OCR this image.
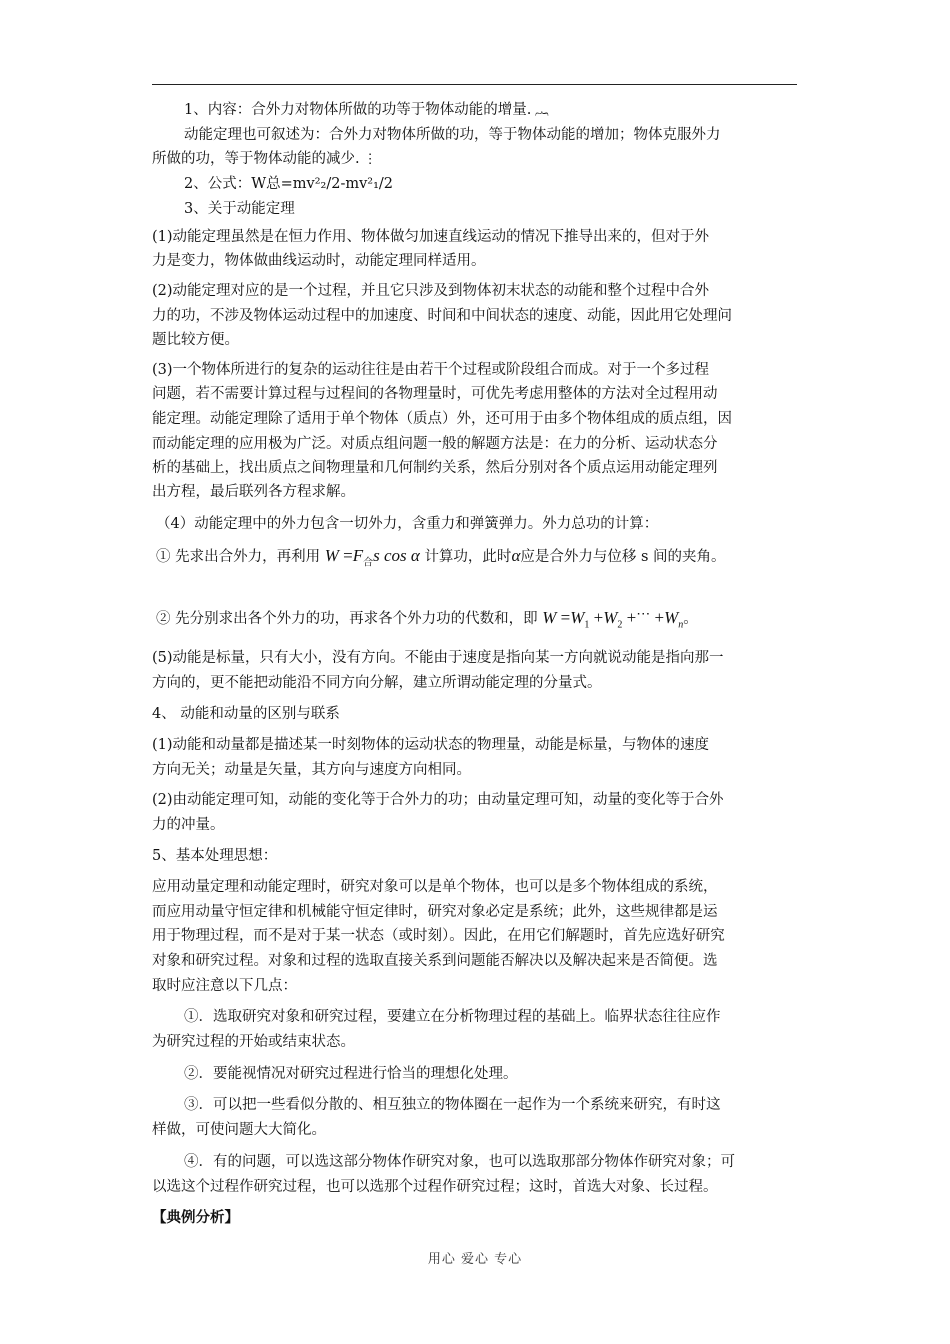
1、内容：合外力对物体所做的功等于物体动能的增量. ︷
动能定理也可叙述为：合外力对物体所做的功，等于物体动能的增加；物体克服外力
所做的功，等于物体动能的减少. ⋮
2、公式：W总=mv²₂/2-mv²₁/2
3、关于动能定理
(1)动能定理虽然是在恒力作用、物体做匀加速直线运动的情况下推导出来的，但对于外
力是变力，物体做曲线运动时，动能定理同样适用。
(2)动能定理对应的是一个过程，并且它只涉及到物体初末状态的动能和整个过程中合外
力的功，不涉及物体运动过程中的加速度、时间和中间状态的速度、动能，因此用它处理问
题比较方便。
(3)一个物体所进行的复杂的运动往往是由若干个过程或阶段组合而成。对于一个多过程
问题，若不需要计算过程与过程间的各物理量时，可优先考虑用整体的方法对全过程用动
能定理。动能定理除了适用于单个物体（质点）外，还可用于由多个物体组成的质点组，因
而动能定理的应用极为广泛。对质点组问题一般的解题方法是：在力的分析、运动状态分
析的基础上，找出质点之间物理量和几何制约关系，然后分别对各个质点运用动能定理列
出方程，最后联列各方程求解。
（4）动能定理中的外力包含一切外力，含重力和弹簧弹力。外力总功的计算：
① 先求出合外力，再利用 $W =F_合s$ cos α 计算功，此时α应是合外力与位移 s 间的夹角。
② 先分别求出各个外力的功，再求各个外力功的代数和，即 $W =W_1 +W_2 +^\cdots +W_n$。
(5)动能是标量，只有大小，没有方向。不能由于速度是指向某一方向就说动能是指向那一
方向的，更不能把动能沿不同方向分解，建立所谓动能定理的分量式。
4、 动能和动量的区别与联系
(1)动能和动量都是描述某一时刻物体的运动状态的物理量，动能是标量，与物体的速度
方向无关；动量是矢量，其方向与速度方向相同。
(2)由动能定理可知，动能的变化等于合外力的功；由动量定理可知，动量的变化等于合外
力的冲量。
5、基本处理思想：
应用动量定理和动能定理时，研究对象可以是单个物体，也可以是多个物体组成的系统，
而应用动量守恒定律和机械能守恒定律时，研究对象必定是系统；此外，这些规律都是运
用于物理过程，而不是对于某一状态（或时刻）。因此，在用它们解题时，首先应选好研究
对象和研究过程。对象和过程的选取直接关系到问题能否解决以及解决起来是否简便。选
取时应注意以下几点：
①．选取研究对象和研究过程，要建立在分析物理过程的基础上。临界状态往往应作
为研究过程的开始或结束状态。
②．要能视情况对研究过程进行恰当的理想化处理。
③．可以把一些看似分散的、相互独立的物体圈在一起作为一个系统来研究，有时这
样做，可使问题大大简化。
④．有的问题，可以选这部分物体作研究对象，也可以选取那部分物体作研究对象；可
以选这个过程作研究过程，也可以选那个过程作研究过程；这时，首选大对象、长过程。
【典例分析】
用心 爱心 专心
